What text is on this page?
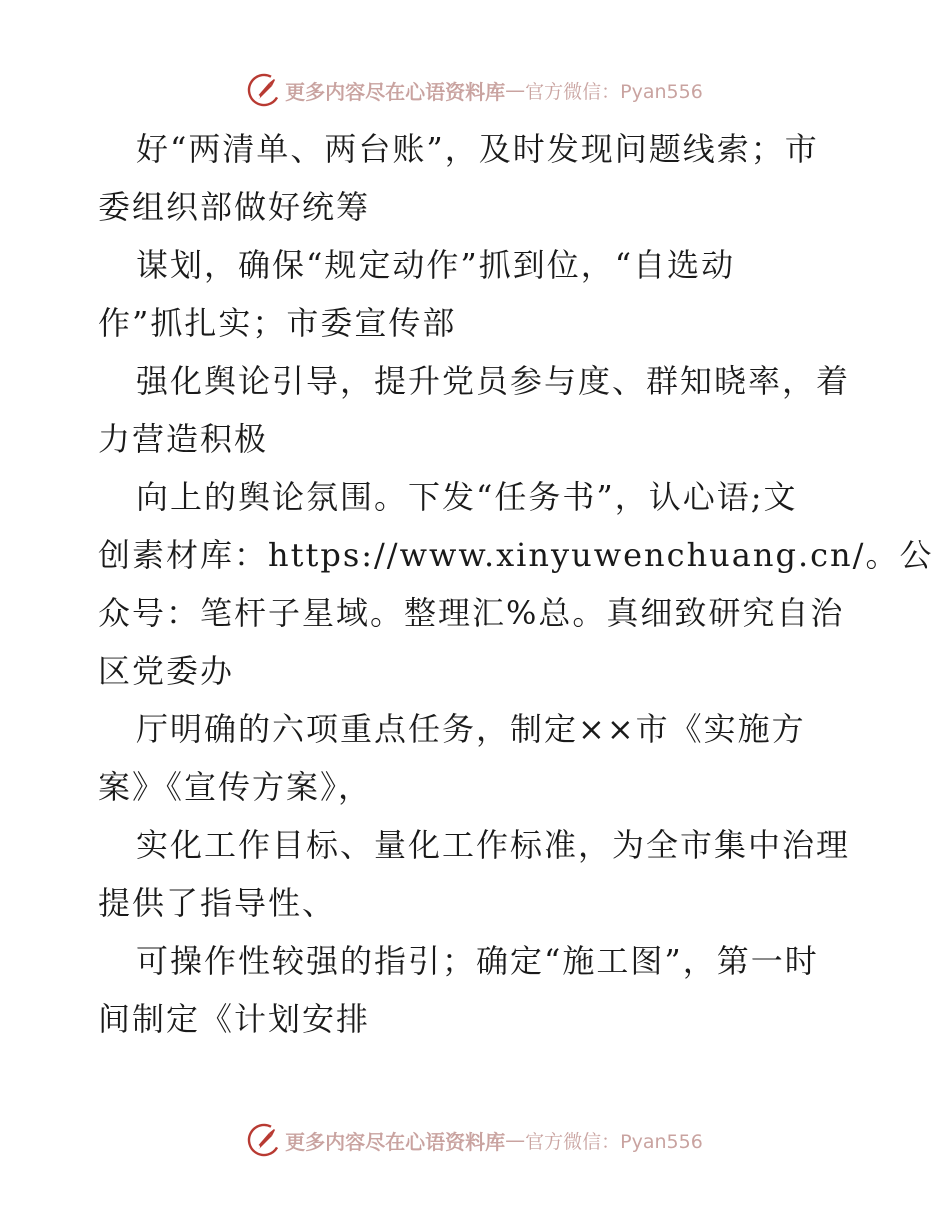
更多内容尽在心语资料库 — 官方微信：Pyan556
好“两清单、两台账”，及时发现问题线索；市
委组织部做好统筹
谋划，确保“规定动作”抓到位，“自选动
作”抓扎实；市委宣传部
强化舆论引导，提升党员参与度、群知晓率，着
力营造积极
向上的舆论氛围。下发“任务书”，认心语;文
创素材库：https://www.xinyuwenchuang.cn/。公
众号：笔杆子星域。整理汇%总。真细致研究自治
区党委办
厅明确的六项重点任务，制定××市《实施方
案》《宣传方案》，
实化工作目标、量化工作标准，为全市集中治理
提供了指导性、
可操作性较强的指引；确定“施工图”，第一时
间制定《计划安排
更多内容尽在心语资料库 — 官方微信：Pyan556
